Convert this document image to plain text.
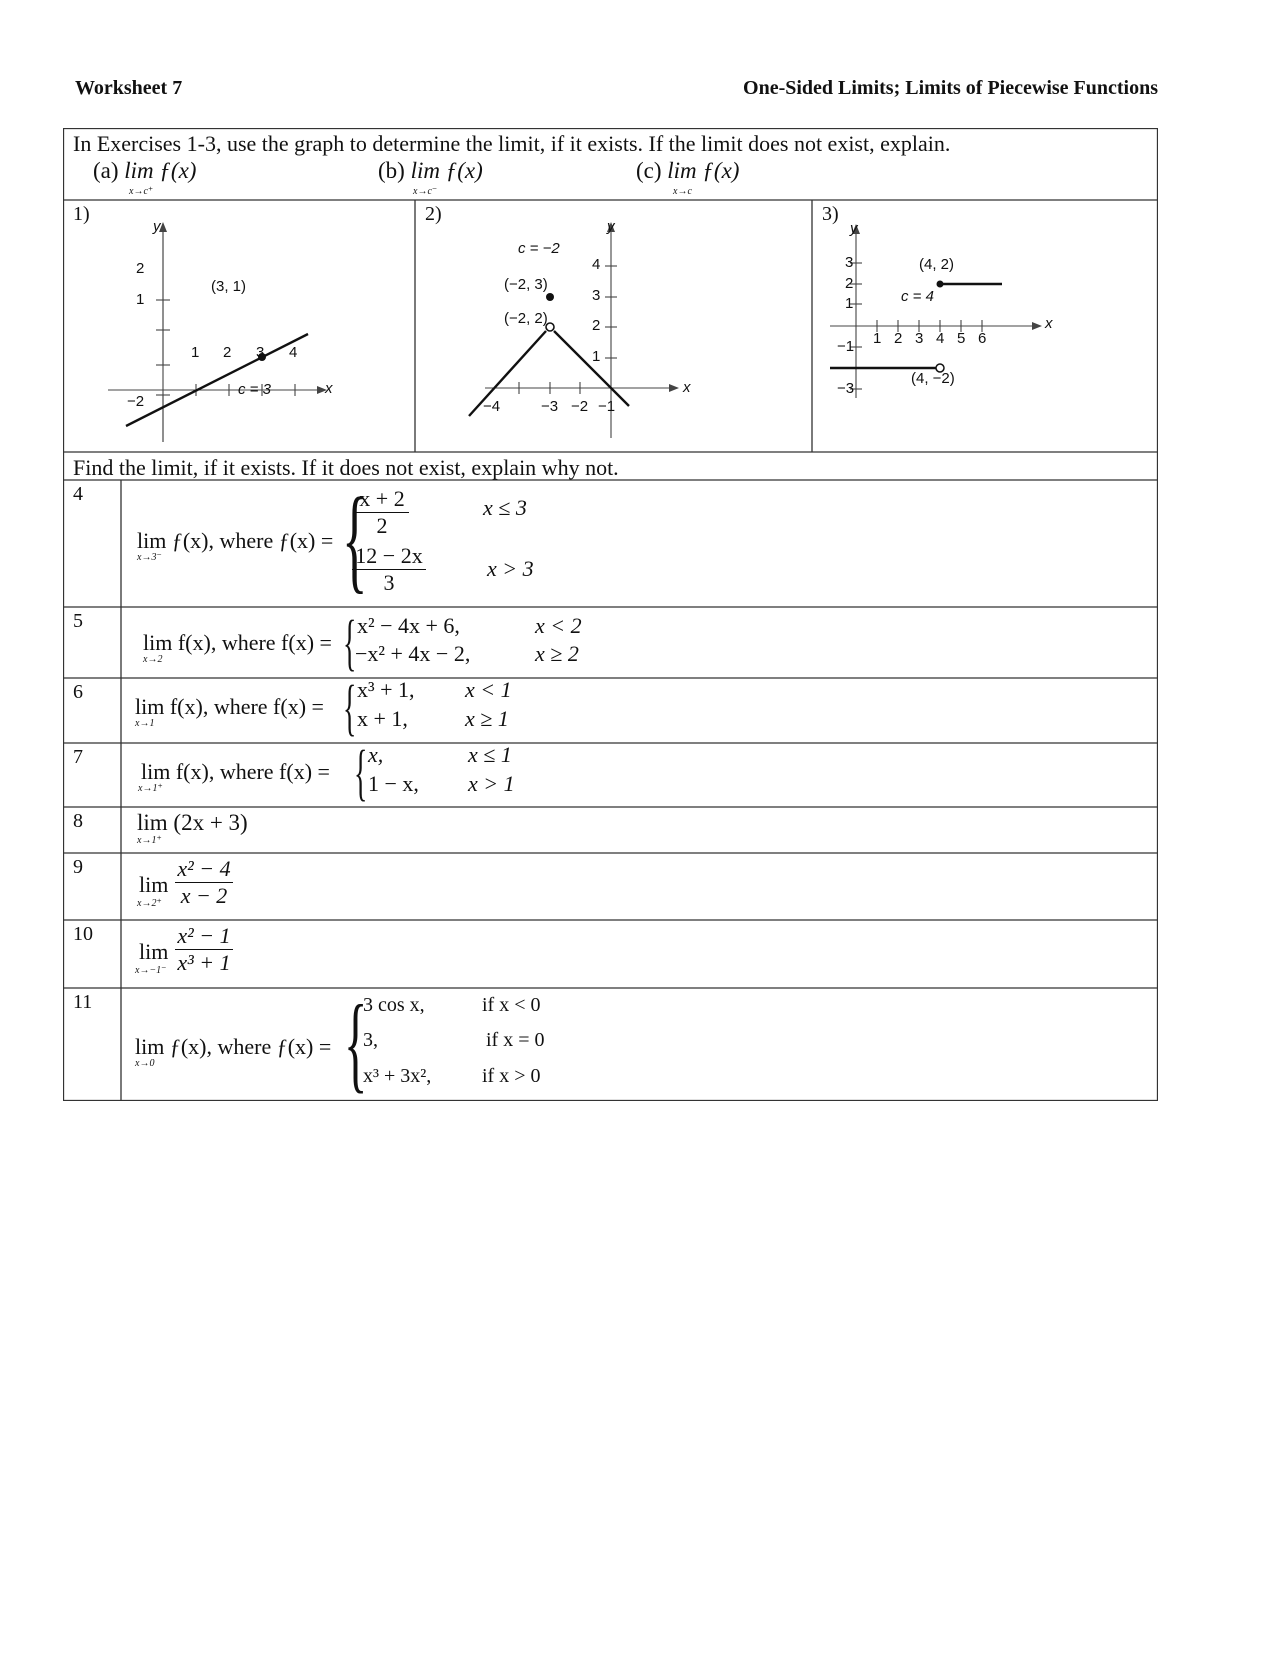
Worksheet 7	One-Sided Limits; Limits of Piecewise Functions
In Exercises 1-3, use the graph to determine the limit, if it exists. If the limit does not exist, explain.
(a) lim ƒ(x)
x→c⁺
(b) lim ƒ(x)
x→c⁻
(c) lim ƒ(x)
x→c
1)
y
x
2
1
−2
1 2 3 4
(3, 1)
c = 3
2)
y
x
c = −2
4
3
2
1
−4	−3 −2 −1
(−2, 3)
(−2, 2)
3)
y
x
3
2
1
−1
−3
1 2 3 4 5 6
(4, 2)
c = 4
(4, −2)
Find the limit, if it exists. If it does not exist, explain why not.
4
lim ƒ(x), where ƒ(x) =
x→3⁻ {
$\frac{x + 2}{2}$	x ≤ 3
$\frac{12 - 2x}{3}$	x > 3
5
lim f(x), where f(x) =
x→2	{ x² − 4x + 6,	x < 2
−x² + 4x − 2,	x ≥ 2
6
lim f(x), where f(x) =
x→1	{ x³ + 1, x < 1
x + 1,	x ≥ 1
7
lim f(x), where f(x) =
x→1⁺	{ x,	x ≤ 1
1 − x, x > 1
8 lim (2x + 3)
x→1⁺
9
lim
$x\to 2^+ \frac{\text{x² − 4}}{x - 2}$
10
lim
$x\to-1^- \frac{\text{x² − 1}}{\text{x³ + 1}}$
11
lim ƒ(x), where ƒ(x) =
x→0 {
3 cos x,	if x < 0
3,	if x = 0
x³ + 3x²,	if x > 0
